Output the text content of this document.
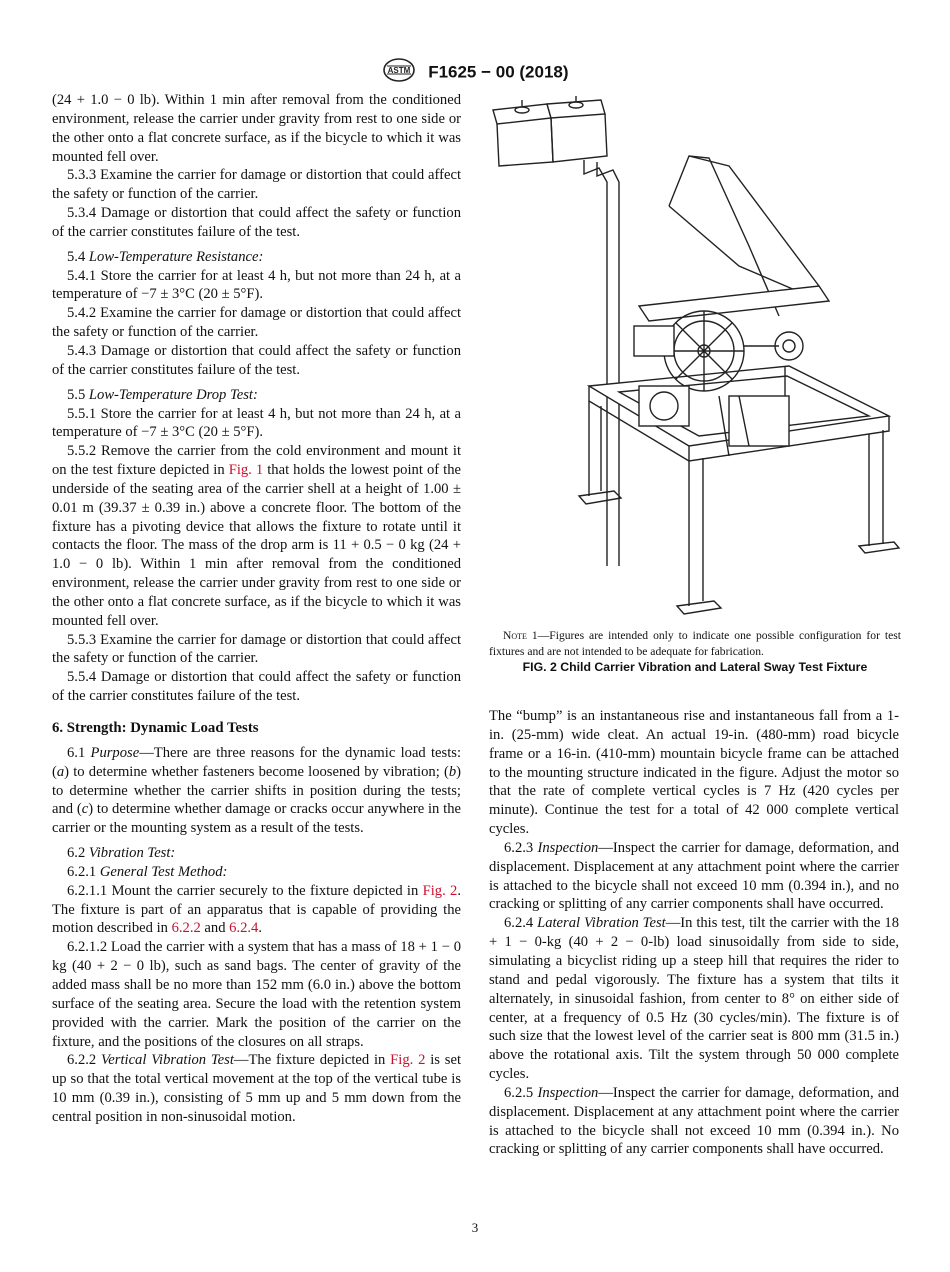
ASTM F1625 − 00 (2018)

(24 + 1.0 − 0 lb). Within 1 min after removal from the conditioned environment, release the carrier under gravity from rest to one side or the other onto a flat concrete surface, as if the bicycle to which it was mounted fell over.

5.3.3 Examine the carrier for damage or distortion that could affect the safety or function of the carrier.

5.3.4 Damage or distortion that could affect the safety or function of the carrier constitutes failure of the test.

5.4 Low-Temperature Resistance:

5.4.1 Store the carrier for at least 4 h, but not more than 24 h, at a temperature of −7 ± 3°C (20 ± 5°F).

5.4.2 Examine the carrier for damage or distortion that could affect the safety or function of the carrier.

5.4.3 Damage or distortion that could affect the safety or function of the carrier constitutes failure of the test.

5.5 Low-Temperature Drop Test:

5.5.1 Store the carrier for at least 4 h, but not more than 24 h, at a temperature of −7 ± 3°C (20 ± 5°F).

5.5.2 Remove the carrier from the cold environment and mount it on the test fixture depicted in Fig. 1 that holds the lowest point of the underside of the seating area of the carrier shell at a height of 1.00 ± 0.01 m (39.37 ± 0.39 in.) above a concrete floor. The bottom of the fixture has a pivoting device that allows the fixture to rotate until it contacts the floor. The mass of the drop arm is 11 + 0.5 − 0 kg (24 + 1.0 − 0 lb). Within 1 min after removal from the conditioned environment, release the carrier under gravity from rest to one side or the other onto a flat concrete surface, as if the bicycle to which it was mounted fell over.

5.5.3 Examine the carrier for damage or distortion that could affect the safety or function of the carrier.

5.5.4 Damage or distortion that could affect the safety or function of the carrier constitutes failure of the test.

6. Strength: Dynamic Load Tests

6.1 Purpose—There are three reasons for the dynamic load tests: (a) to determine whether fasteners become loosened by vibration; (b) to determine whether the carrier shifts in position during the tests; and (c) to determine whether damage or cracks occur anywhere in the carrier or the mounting system as a result of the tests.

6.2 Vibration Test:

6.2.1 General Test Method:

6.2.1.1 Mount the carrier securely to the fixture depicted in Fig. 2. The fixture is part of an apparatus that is capable of providing the motion described in 6.2.2 and 6.2.4.

6.2.1.2 Load the carrier with a system that has a mass of 18 + 1 − 0 kg (40 + 2 − 0 lb), such as sand bags. The center of gravity of the added mass shall be no more than 152 mm (6.0 in.) above the bottom surface of the seating area. Secure the load with the retention system provided with the carrier. Mark the position of the carrier on the fixture, and the positions of the closures on all straps.

6.2.2 Vertical Vibration Test—The fixture depicted in Fig. 2 is set up so that the total vertical movement at the top of the vertical tube is 10 mm (0.39 in.), consisting of 5 mm up and 5 mm down from the central position in non-sinusoidal motion.

Note 1—Figures are intended only to indicate one possible configuration for test fixtures and are not intended to be adequate for fabrication.
FIG. 2 Child Carrier Vibration and Lateral Sway Test Fixture

The “bump” is an instantaneous rise and instantaneous fall from a 1-in. (25-mm) wide cleat. An actual 19-in. (480-mm) road bicycle frame or a 16-in. (410-mm) mountain bicycle frame can be attached to the mounting structure indicated in the figure. Adjust the motor so that the rate of complete vertical cycles is 7 Hz (420 cycles per minute). Continue the test for a total of 42 000 complete vertical cycles.

6.2.3 Inspection—Inspect the carrier for damage, deformation, and displacement. Displacement at any attachment point where the carrier is attached to the bicycle shall not exceed 10 mm (0.394 in.), and no cracking or splitting of any carrier components shall have occurred.

6.2.4 Lateral Vibration Test—In this test, tilt the carrier with the 18 + 1 − 0-kg (40 + 2 − 0-lb) load sinusoidally from side to side, simulating a bicyclist riding up a steep hill that requires the rider to stand and pedal vigorously. The fixture has a system that tilts it alternately, in sinusoidal fashion, from center to 8° on either side of center, at a frequency of 0.5 Hz (30 cycles/min). The fixture is of such size that the lowest level of the carrier seat is 800 mm (31.5 in.) above the rotational axis. Tilt the system through 50 000 complete cycles.

6.2.5 Inspection—Inspect the carrier for damage, deformation, and displacement. Displacement at any attachment point where the carrier is attached to the bicycle shall not exceed 10 mm (0.394 in.). No cracking or splitting of any carrier components shall have occurred.

3
